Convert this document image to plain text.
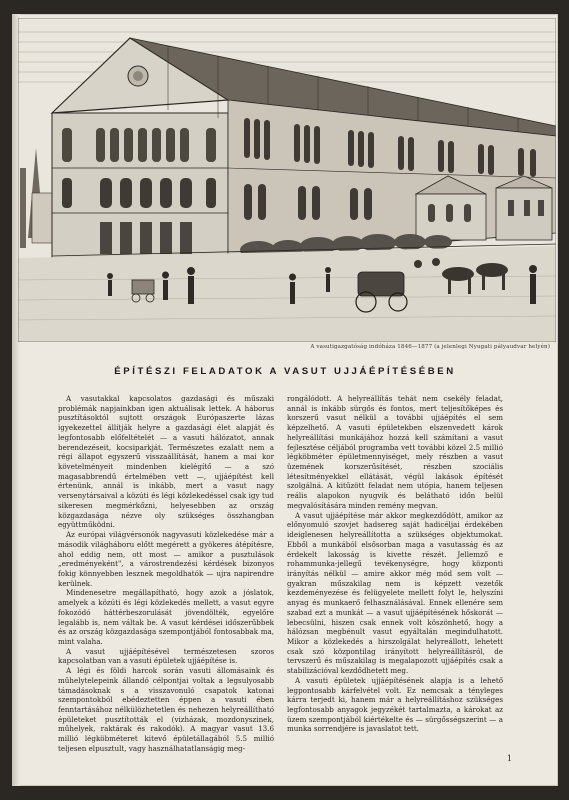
A vasutigazgatóság indóháza 1846—1877 (a jelenlegi Nyugati pályaudvar helyén)
ÉPÍTÉSZI FELADATOK A VASUT UJJÁÉPÍTÉSÉBEN

A vasutakkal kapcsolatos gazdasági és műszaki problémák napjainkban igen aktuálisak lettek. A háborus pusztításoktól sujtott országok Európaszerte lázas igyekezettel állítják helyre a gazdasági élet alapját és legfontosabb előfeltételét — a vasuti hálózatot, annak berendezéseit, kocsiparkját. Természetes ezalatt nem a régi állapot egyszerű visszaállítását, hanem a mai kor követelményeit mindenben kielégítő — a szó magasabbrendű értelmében vett —, ujjáépítést kell értenünk, annál is inkább, mert a vasut nagy versenytársaival a közúti és légi közlekedéssel csak igy tud sikeresen megmérkőzni, helyesebben az ország közgazdasága nézve oly szükséges összhangban együttműködni.

Az európai világvérsonók nagyvasuti közlekedése már a második világháboru előtt megérett a gyökeres átépítésre, ahol eddig nem, ott most — amikor a pusztulások „eredményeként", a várostrendezési kérdések bizonyos fokig könnyebben lesznek megoldhatók — ujra napirendre kerülnek.

Mindenesetre megállapítható, hogy azok a jóslatok, amelyek a közúti és légi közlekedés mellett, a vasut egyre fokozódó háttérbeszorulását jövendölték, egyelőre legalább is, nem váltak be. A vasut kérdései időszerűbbek és az ország közgazdasága szempontjából fontosabbak ma, mint valaha.

A vasut ujjáépítésével természetesen szoros kapcsolatban van a vasuti épületek ujjáépítése is.

A légi és földi harcok során vasuti állomásaink és műhelytelepeink állandó célpontjai voltak a legsulyosabb támadásoknak s a visszavonuló csapatok katonai szempontokból ebédeztetten éppen a vasuti ében fenntartásához nélkülözhetetlen és nehezen helyreállítható épületeket pusztították el (vizházak, mozdonyszinek, műhelyek, raktárak és rakodók). A magyar vasut 13.6 millió légköbméteret kitevő épületállagából 5.5 millió teljesen elpusztult, vagy használhatatlanságig meg-

rongálódott. A helyreállítás tehát nem csekély feladat, annál is inkább sürgős és fontos, mert teljesítőképes és korszerű vasut nélkül a további ujjáépítés el sem képzelhető. A vasuti épületekben elszenvedett károk helyreállítási munkájához hozzá kell számítani a vasut fejlesztése céljából programba vett további közel 2.5 millió légköbméter épületmennyiséget, mely részben a vasut üzemének korszerűsítését, részben szociális létesítményekkel ellátását, végül lakások építését szolgálná. A kitűzött feladat nem utópia, hanem teljesen reális alapokon nyugvik és belátható időn belül megvalósítására minden remény megvan.

A vasut ujjáépítése már akkor megkezdődött, amikor az előnyomuló szovjet hadsereg saját hadicéljai érdekében ideiglenesen helyreállította a szükséges objektumokat. Ebből a munkából elsősorban maga a vasutasság és az érdekelt lakosság is kivette részét. Jellemző e rohammunka-jellegű tevékenységre, hogy központi irányítás nélkül — amire akkor még mód sem volt — gyakran műszakilag nem is képzett vezetők kezdeményezése és felügyelete mellett folyt le, helyszíni anyag és munkaerő felhasználásával. Ennek ellenére sem szabad ezt a munkát — a vasut ujjáépítésének hőskorát — lebecsülni, hiszen csak ennek volt köszönhető, hogy a hálózsan megbénult vasut egyáltalán megindulhatott. Mikor a közlekedés a hirszolgálat helyreállott, lehetett csak szó központilag irányított helyreállításról, de tervszerű és műszakilag is megalapozott ujjáépítés csak a stabilizációval kezdődhetett meg.

A vasuti épületek ujjáépítésének alapja is a lehető legpontosabb kárfelvétel volt. Ez nemcsak a tényleges kárra terjedt ki, hanem már a helyreállításhoz szükséges legfontosabb anyagok jegyzékét tartalmazta, a károkat az üzem szempontjából kiértékelte és — sürgősségszerint — a munka sorrendjére is javaslatot tett.

1
